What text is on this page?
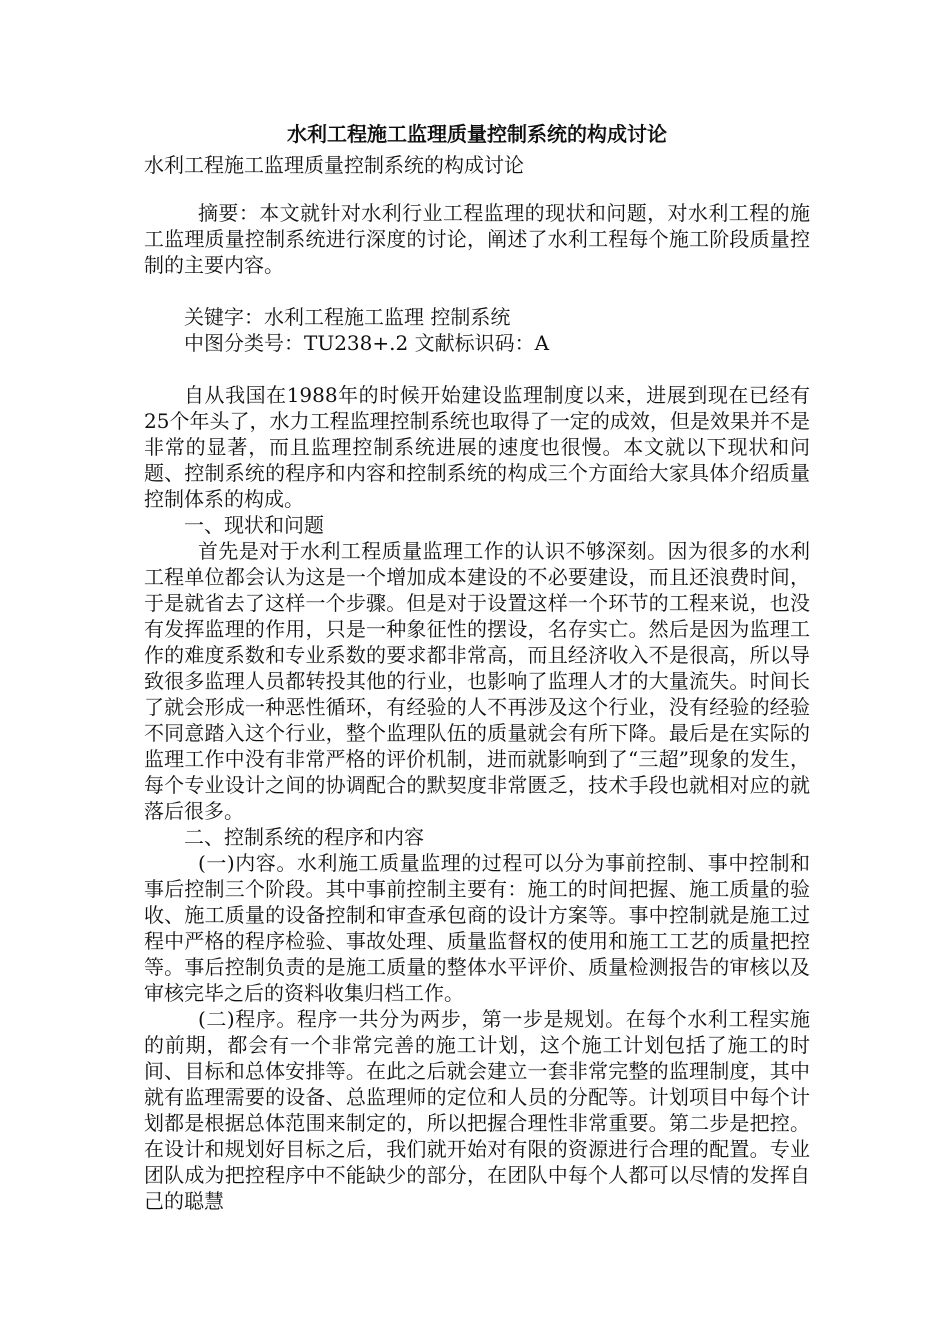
水利工程施工监理质量控制系统的构成讨论

水利工程施工监理质量控制系统的构成讨论

摘要：本文就针对水利行业工程监理的现状和问题，对水利工程的施工监理质量控制系统进行深度的讨论，阐述了水利工程每个施工阶段质量控制的主要内容。

关键字：水利工程施工监理 控制系统

中图分类号：TU238+.2 文献标识码：A

自从我国在1988年的时候开始建设监理制度以来，进展到现在已经有25个年头了，水力工程监理控制系统也取得了一定的成效，但是效果并不是非常的显著，而且监理控制系统进展的速度也很慢。本文就以下现状和问题、控制系统的程序和内容和控制系统的构成三个方面给大家具体介绍质量控制体系的构成。

一、现状和问题

首先是对于水利工程质量监理工作的认识不够深刻。因为很多的水利工程单位都会认为这是一个增加成本建设的不必要建设，而且还浪费时间，于是就省去了这样一个步骤。但是对于设置这样一个环节的工程来说，也没有发挥监理的作用，只是一种象征性的摆设，名存实亡。然后是因为监理工作的难度系数和专业系数的要求都非常高，而且经济收入不是很高，所以导致很多监理人员都转投其他的行业，也影响了监理人才的大量流失。时间长了就会形成一种恶性循环，有经验的人不再涉及这个行业，没有经验的经验不同意踏入这个行业，整个监理队伍的质量就会有所下降。最后是在实际的监理工作中没有非常严格的评价机制，进而就影响到了“三超”现象的发生，每个专业设计之间的协调配合的默契度非常匮乏，技术手段也就相对应的就落后很多。

二、控制系统的程序和内容

(一)内容。水利施工质量监理的过程可以分为事前控制、事中控制和事后控制三个阶段。其中事前控制主要有：施工的时间把握、施工质量的验收、施工质量的设备控制和审查承包商的设计方案等。事中控制就是施工过程中严格的程序检验、事故处理、质量监督权的使用和施工工艺的质量把控等。事后控制负责的是施工质量的整体水平评价、质量检测报告的审核以及审核完毕之后的资料收集归档工作。

(二)程序。程序一共分为两步，第一步是规划。在每个水利工程实施的前期，都会有一个非常完善的施工计划，这个施工计划包括了施工的时间、目标和总体安排等。在此之后就会建立一套非常完整的监理制度，其中就有监理需要的设备、总监理师的定位和人员的分配等。计划项目中每个计划都是根据总体范围来制定的，所以把握合理性非常重要。第二步是把控。在设计和规划好目标之后，我们就开始对有限的资源进行合理的配置。专业团队成为把控程序中不能缺少的部分，在团队中每个人都可以尽情的发挥自己的聪慧
